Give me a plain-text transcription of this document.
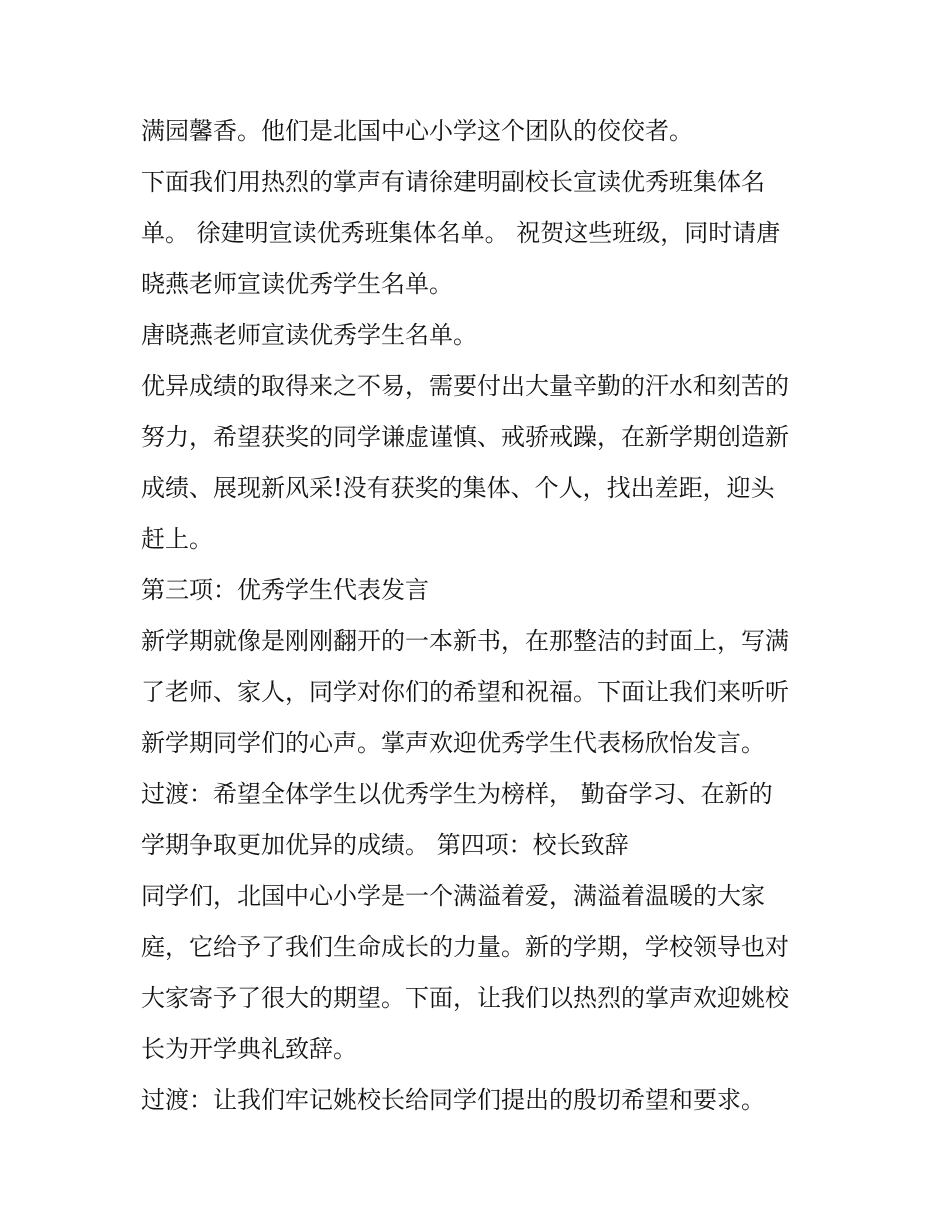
满园馨香。他们是北国中心小学这个团队的佼佼者。
下面我们用热烈的掌声有请徐建明副校长宣读优秀班集体名
单。 徐建明宣读优秀班集体名单。 祝贺这些班级，同时请唐
晓燕老师宣读优秀学生名单。
唐晓燕老师宣读优秀学生名单。
优异成绩的取得来之不易，需要付出大量辛勤的汗水和刻苦的
努力，希望获奖的同学谦虚谨慎、戒骄戒躁，在新学期创造新
成绩、展现新风采!没有获奖的集体、个人，找出差距，迎头
赶上。
第三项：优秀学生代表发言
新学期就像是刚刚翻开的一本新书，在那整洁的封面上，写满
了老师、家人，同学对你们的希望和祝福。下面让我们来听听
新学期同学们的心声。掌声欢迎优秀学生代表杨欣怡发言。
过渡：希望全体学生以优秀学生为榜样， 勤奋学习、在新的
学期争取更加优异的成绩。 第四项：校长致辞
同学们，北国中心小学是一个满溢着爱，满溢着温暖的大家
庭，它给予了我们生命成长的力量。新的学期，学校领导也对
大家寄予了很大的期望。下面，让我们以热烈的掌声欢迎姚校
长为开学典礼致辞。
过渡：让我们牢记姚校长给同学们提出的殷切希望和要求。
